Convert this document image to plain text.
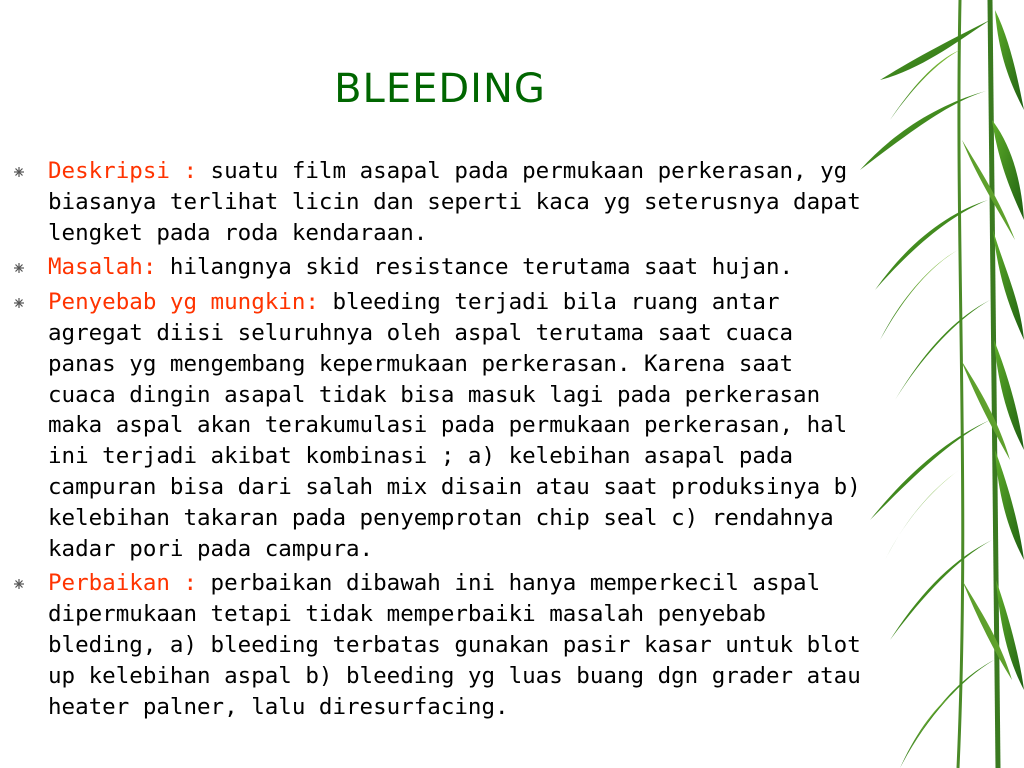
BLEEDING
Deskripsi : suatu film asapal pada permukaan perkerasan, yg biasanya terlihat licin dan seperti kaca yg seterusnya dapat lengket pada roda kendaraan.
Masalah: hilangnya skid resistance terutama saat hujan.
Penyebab yg mungkin: bleeding terjadi bila ruang antar agregat diisi seluruhnya oleh aspal terutama saat cuaca panas yg mengembang kepermukaan perkerasan. Karena saat cuaca dingin asapal tidak bisa masuk lagi pada perkerasan maka aspal akan terakumulasi pada permukaan perkerasan, hal ini terjadi akibat kombinasi ; a) kelebihan asapal pada campuran bisa dari salah mix disain atau saat produksinya b) kelebihan takaran pada penyemprotan chip seal c) rendahnya kadar pori pada campura.
Perbaikan : perbaikan dibawah ini hanya memperkecil aspal dipermukaan tetapi tidak memperbaiki masalah penyebab bleding, a) bleeding terbatas gunakan pasir kasar untuk blot up kelebihan aspal b) bleeding yg luas buang dgn grader atau heater palner, lalu diresurfacing.
